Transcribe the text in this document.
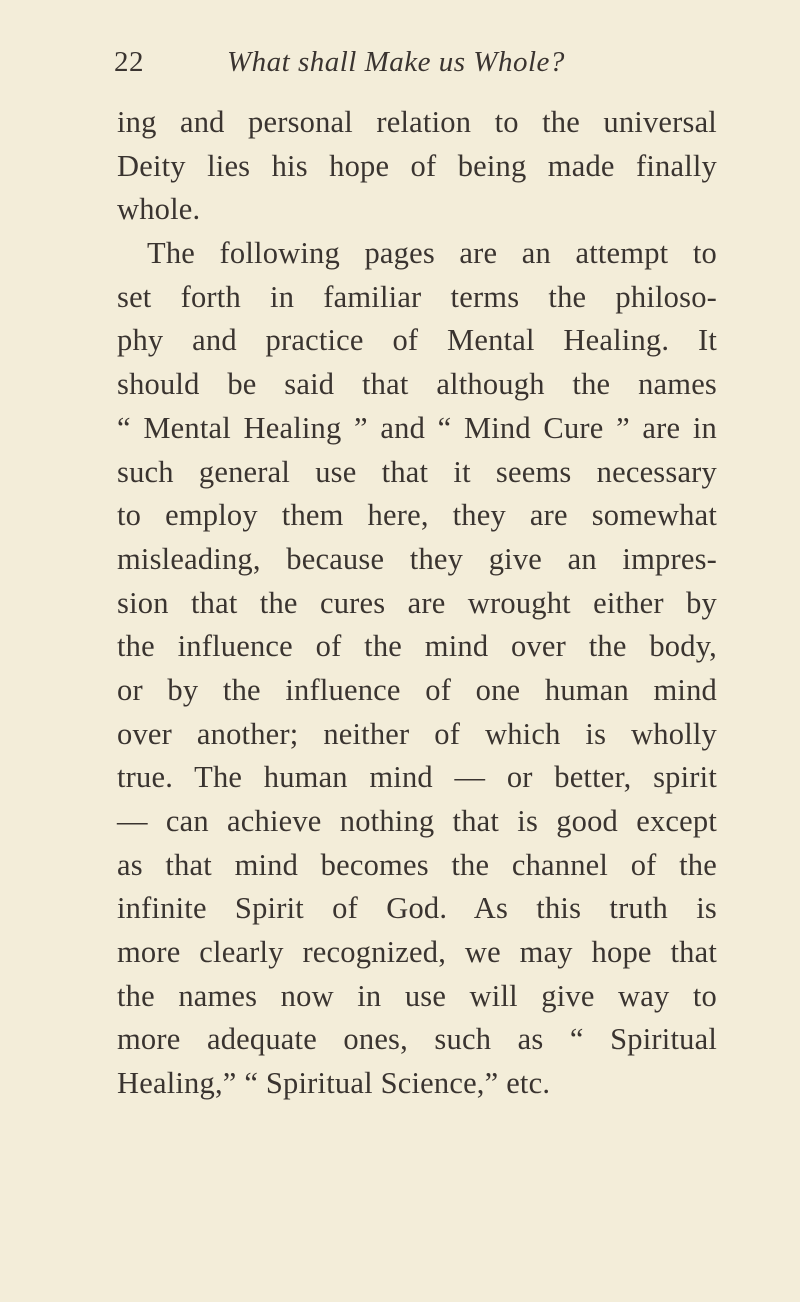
22	What shall Make us Whole?
ing and personal relation to the universal
Deity lies his hope of being made finally
whole.
The following pages are an attempt to
set forth in familiar terms the philoso-
phy and practice of Mental Healing. It
should be said that although the names
“ Mental Healing ” and “ Mind Cure ” are in
such general use that it seems necessary
to employ them here, they are somewhat
misleading, because they give an impres-
sion that the cures are wrought either by
the influence of the mind over the body,
or by the influence of one human mind
over another; neither of which is wholly
true. The human mind — or better, spirit
— can achieve nothing that is good except
as that mind becomes the channel of the
infinite Spirit of God. As this truth is
more clearly recognized, we may hope that
the names now in use will give way to
more adequate ones, such as “ Spiritual
Healing,” “ Spiritual Science,” etc.
